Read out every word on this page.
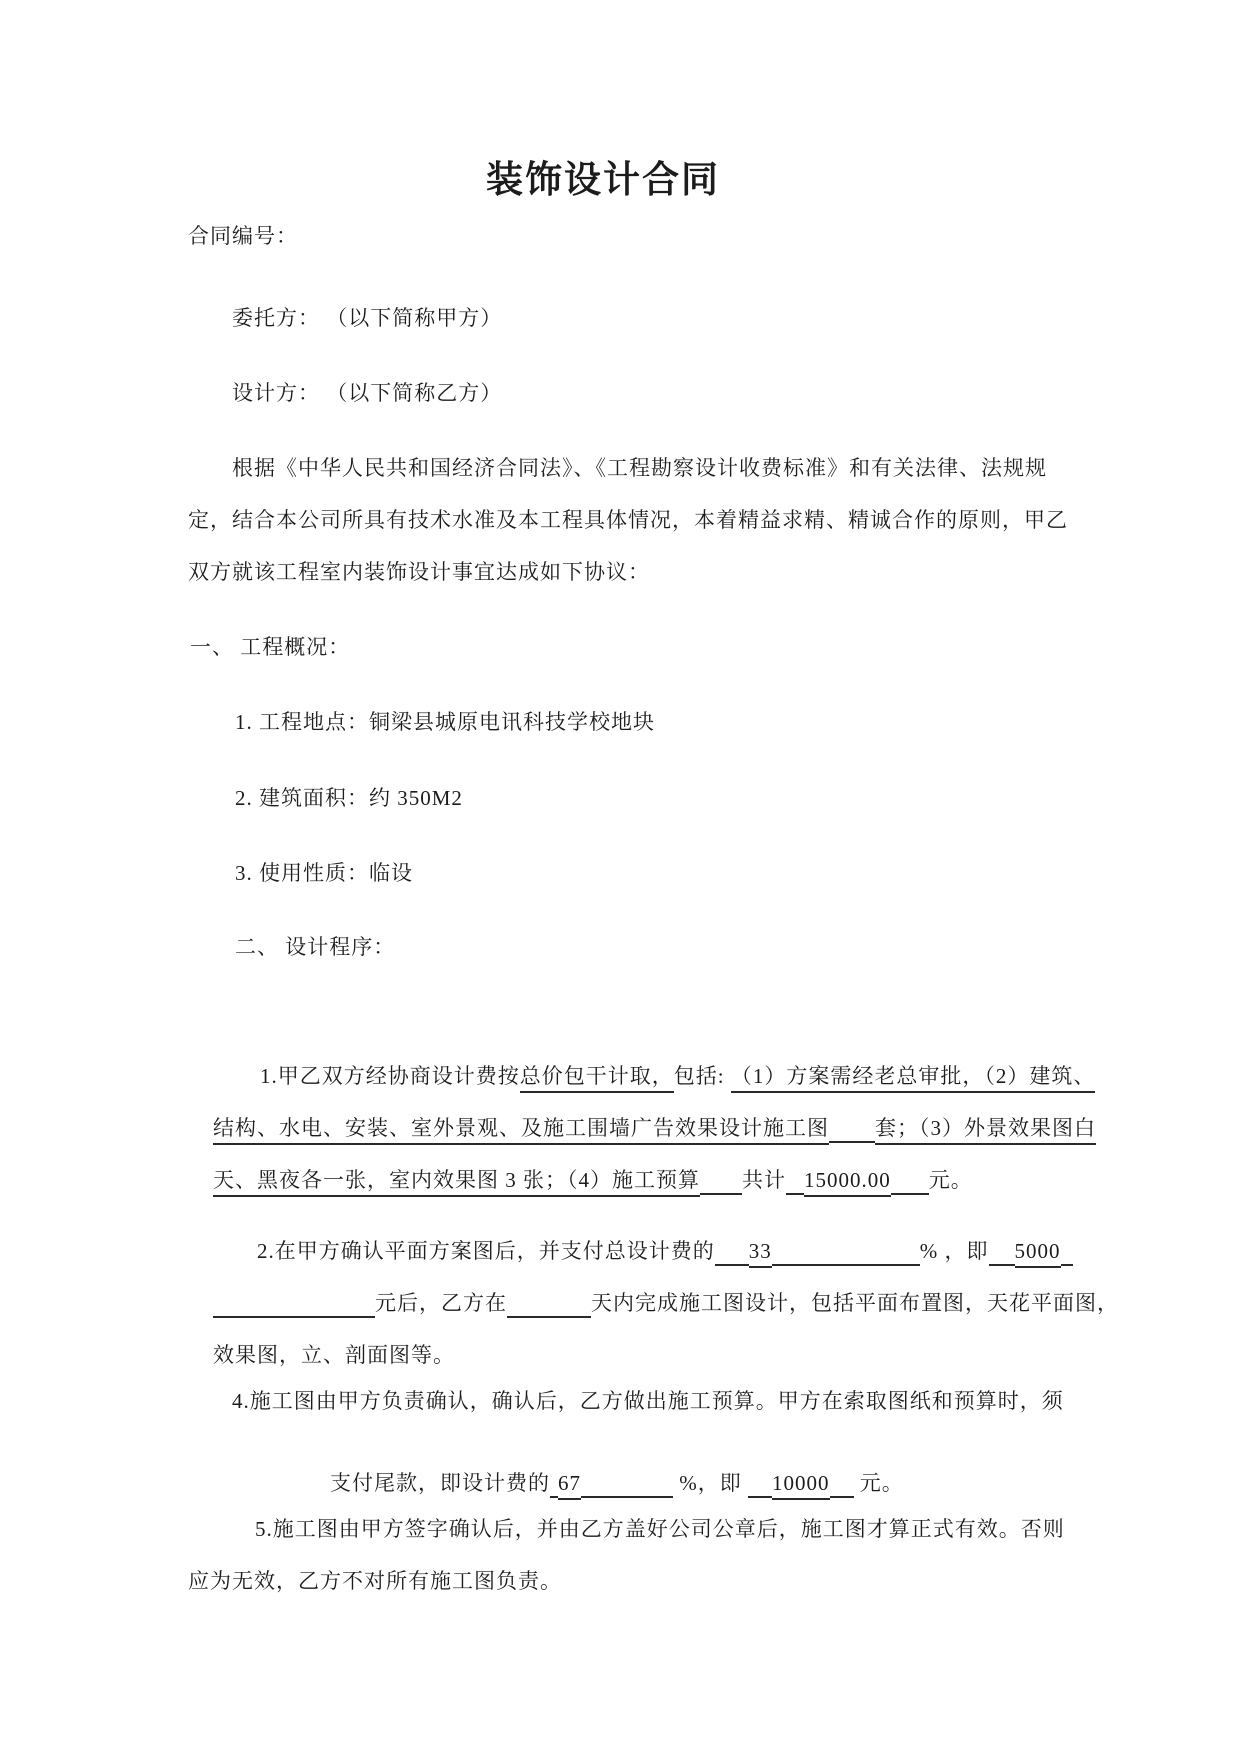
装饰设计合同
合同编号：
委托方： （以下简称甲方）
设计方： （以下简称乙方）
根据《中华人民共和国经济合同法》、《工程勘察设计收费标准》和有关法律、法规规
定，结合本公司所具有技术水准及本工程具体情况，本着精益求精、精诚合作的原则，甲乙
双方就该工程室内装饰设计事宜达成如下协议：
一、 工程概况：
1. 工程地点：铜梁县城原电讯科技学校地块
2. 建筑面积：约 350M2
3. 使用性质：临设
二、 设计程序：

1.甲乙双方经协商设计费按总价包干计取，包括: （1）方案需经老总审批，（2）建筑、

结构、水电、安装、室外景观、及施工围墙广告效果设计施工图 套；（3）外景效果图白

天、黑夜各一张，室内效果图 3 张；（4）施工预算 共计 15000.00 元。

2.在甲方确认平面方案图后，并支付总设计费的 33	% ，即 5000

元后，乙方在	天内完成施工图设计，包括平面布置图，天花平面图，

效果图，立、剖面图等。

4.施工图由甲方负责确认，确认后，乙方做出施工预算。甲方在索取图纸和预算时，须

支付尾款，即设计费的 67	%，即 10000 元。

5.施工图由甲方签字确认后，并由乙方盖好公司公章后，施工图才算正式有效。否则
应为无效，乙方不对所有施工图负责。
